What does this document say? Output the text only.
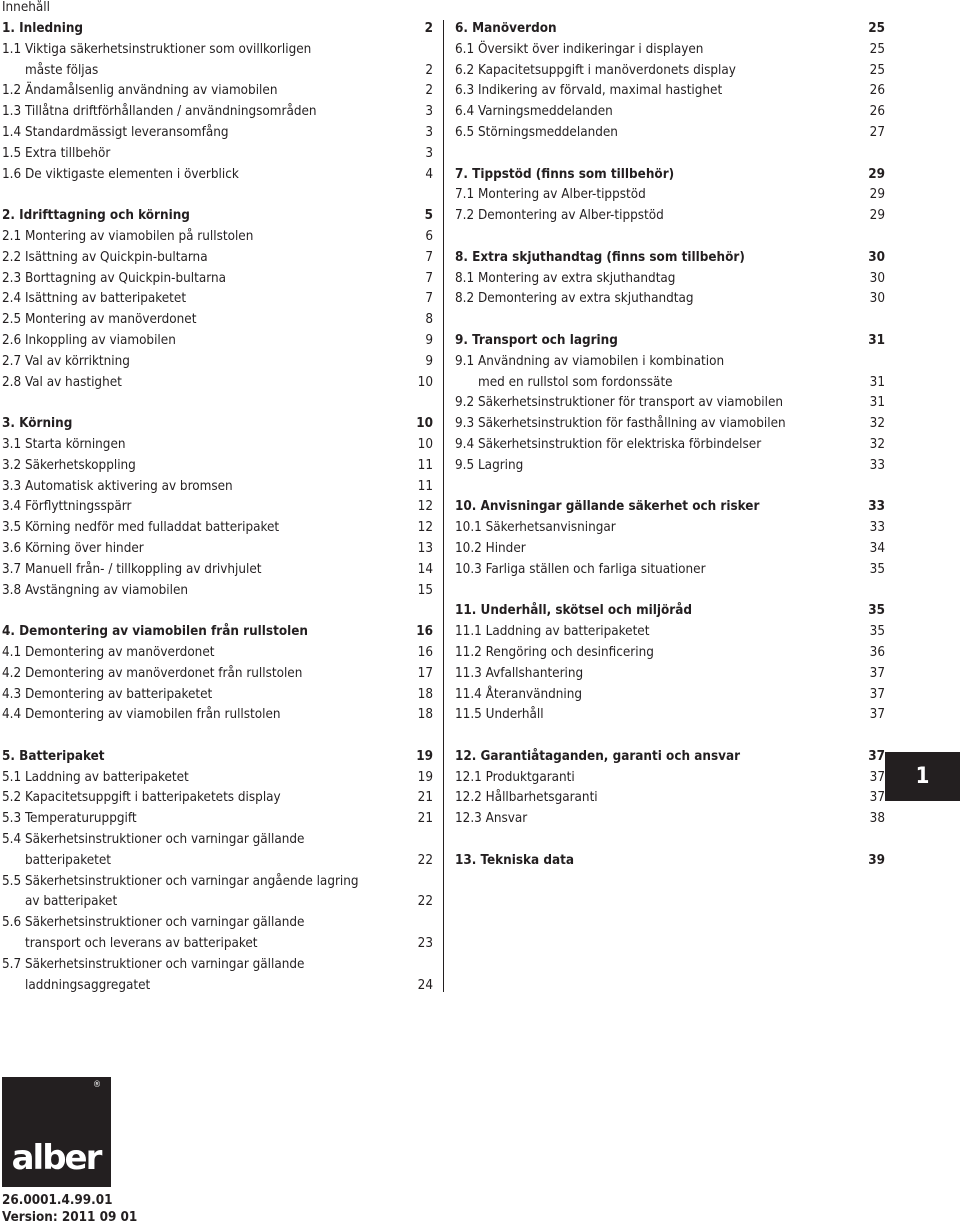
Innehåll
1. Inledning	2
1.1 Viktiga säkerhetsinstruktioner som ovillkorligen
måste följas	2
1.2 Ändamålsenlig användning av viamobilen	2
1.3 Tillåtna driftförhållanden / användningsområden	3
1.4 Standardmässigt leveransomfång	3
1.5 Extra tillbehör	3
1.6 De viktigaste elementen i överblick	4
2. Idrifttagning och körning	5
2.1 Montering av viamobilen på rullstolen	6
2.2 Isättning av Quickpin-bultarna	7
2.3 Borttagning av Quickpin-bultarna	7
2.4 Isättning av batteripaketet	7
2.5 Montering av manöverdonet	8
2.6 Inkoppling av viamobilen	9
2.7 Val av körriktning	9
2.8 Val av hastighet	10
3. Körning	10
3.1 Starta körningen	10
3.2 Säkerhetskoppling	11
3.3 Automatisk aktivering av bromsen	11
3.4 Förflyttningsspärr	12
3.5 Körning nedför med fulladdat batteripaket	12
3.6 Körning över hinder	13
3.7 Manuell från- / tillkoppling av drivhjulet	14
3.8 Avstängning av viamobilen	15
4. Demontering av viamobilen från rullstolen	16
4.1 Demontering av manöverdonet	16
4.2 Demontering av manöverdonet från rullstolen	17
4.3 Demontering av batteripaketet	18
4.4 Demontering av viamobilen från rullstolen	18
5. Batteripaket	19
5.1 Laddning av batteripaketet	19
5.2 Kapacitetsuppgift i batteripaketets display	21
5.3 Temperaturuppgift	21
5.4 Säkerhetsinstruktioner och varningar gällande
batteripaketet	22
5.5 Säkerhetsinstruktioner och varningar angående lagring
av batteripaket	22
5.6 Säkerhetsinstruktioner och varningar gällande
transport och leverans av batteripaket	23
5.7 Säkerhetsinstruktioner och varningar gällande
laddningsaggregatet	24
6. Manöverdon	25
6.1 Översikt över indikeringar i displayen	25
6.2 Kapacitetsuppgift i manöverdonets display	25
6.3 Indikering av förvald, maximal hastighet	26
6.4 Varningsmeddelanden	26
6.5 Störningsmeddelanden	27
7. Tippstöd (finns som tillbehör)	29
7.1 Montering av Alber-tippstöd	29
7.2 Demontering av Alber-tippstöd	29
8. Extra skjuthandtag (finns som tillbehör)	30
8.1 Montering av extra skjuthandtag	30
8.2 Demontering av extra skjuthandtag	30
9. Transport och lagring	31
9.1 Användning av viamobilen i kombination
med en rullstol som fordonssäte	31
9.2 Säkerhetsinstruktioner för transport av viamobilen	31
9.3 Säkerhetsinstruktion för fasthållning av viamobilen	32
9.4 Säkerhetsinstruktion för elektriska förbindelser	32
9.5 Lagring	33
10. Anvisningar gällande säkerhet och risker	33
10.1 Säkerhetsanvisningar	33
10.2 Hinder	34
10.3 Farliga ställen och farliga situationer	35
11. Underhåll, skötsel och miljöråd	35
11.1 Laddning av batteripaketet	35
11.2 Rengöring och desinficering	36
11.3 Avfallshantering	37
11.4 Återanvändning	37
11.5 Underhåll	37
12. Garantiåtaganden, garanti och ansvar	37
12.1 Produktgaranti	37
12.2 Hållbarhetsgaranti	37
12.3 Ansvar	38
13. Tekniska data	39
1
alber
®
26.0001.4.99.01
Version: 2011 09 01
